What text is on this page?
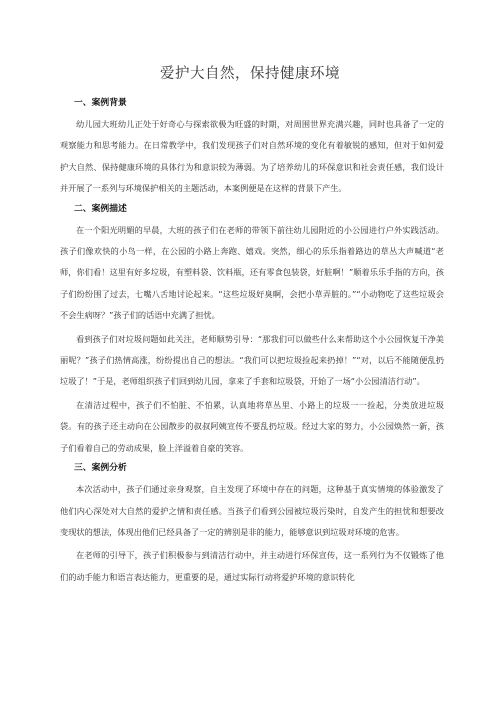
爱护大自然，保持健康环境
一、案例背景

幼儿园大班幼儿正处于好奇心与探索欲极为旺盛的时期，对周围世界充满兴趣，同时也具备了一定的观察能力和思考能力。在日常教学中，我们发现孩子们对自然环境的变化有着敏锐的感知，但对于如何爱护大自然、保持健康环境的具体行为和意识较为薄弱。为了培养幼儿的环保意识和社会责任感，我们设计并开展了一系列与环境保护相关的主题活动，本案例便是在这样的背景下产生。

二、案例描述

在一个阳光明媚的早晨，大班的孩子们在老师的带领下前往幼儿园附近的小公园进行户外实践活动。孩子们像欢快的小鸟一样，在公园的小路上奔跑、嬉戏。突然，细心的乐乐指着路边的草丛大声喊道“老师，你们看！这里有好多垃圾，有塑料袋、饮料瓶，还有零食包装袋，好脏啊！”顺着乐乐手指的方向，孩子们纷纷围了过去，七嘴八舌地讨论起来。“这些垃圾好臭啊，会把小草弄脏的。”“小动物吃了这些垃圾会不会生病呀？”孩子们的话语中充满了担忧。

看到孩子们对垃圾问题如此关注，老师顺势引导：“那我们可以做些什么来帮助这个小公园恢复干净美丽呢？”孩子们热情高涨，纷纷提出自己的想法。“我们可以把垃圾捡起来扔掉！”“对，以后不能随便乱扔垃圾了！”于是，老师组织孩子们回到幼儿园，拿来了手套和垃圾袋，开始了一场“小公园清洁行动”。

在清洁过程中，孩子们不怕脏、不怕累，认真地将草丛里、小路上的垃圾一一捡起，分类放进垃圾袋。有的孩子还主动向在公园散步的叔叔阿姨宣传不要乱扔垃圾。经过大家的努力，小公园焕然一新，孩子们看着自己的劳动成果，脸上洋溢着自豪的笑容。

三、案例分析

本次活动中，孩子们通过亲身观察，自主发现了环境中存在的问题，这种基于真实情境的体验激发了他们内心深处对大自然的爱护之情和责任感。当孩子们看到公园被垃圾污染时，自发产生的担忧和想要改变现状的想法，体现出他们已经具备了一定的辨别是非的能力，能够意识到垃圾对环境的危害。

在老师的引导下，孩子们积极参与到清洁行动中，并主动进行环保宣传，这一系列行为不仅锻炼了他们的动手能力和语言表达能力，更重要的是，通过实际行动将爱护环境的意识转化
